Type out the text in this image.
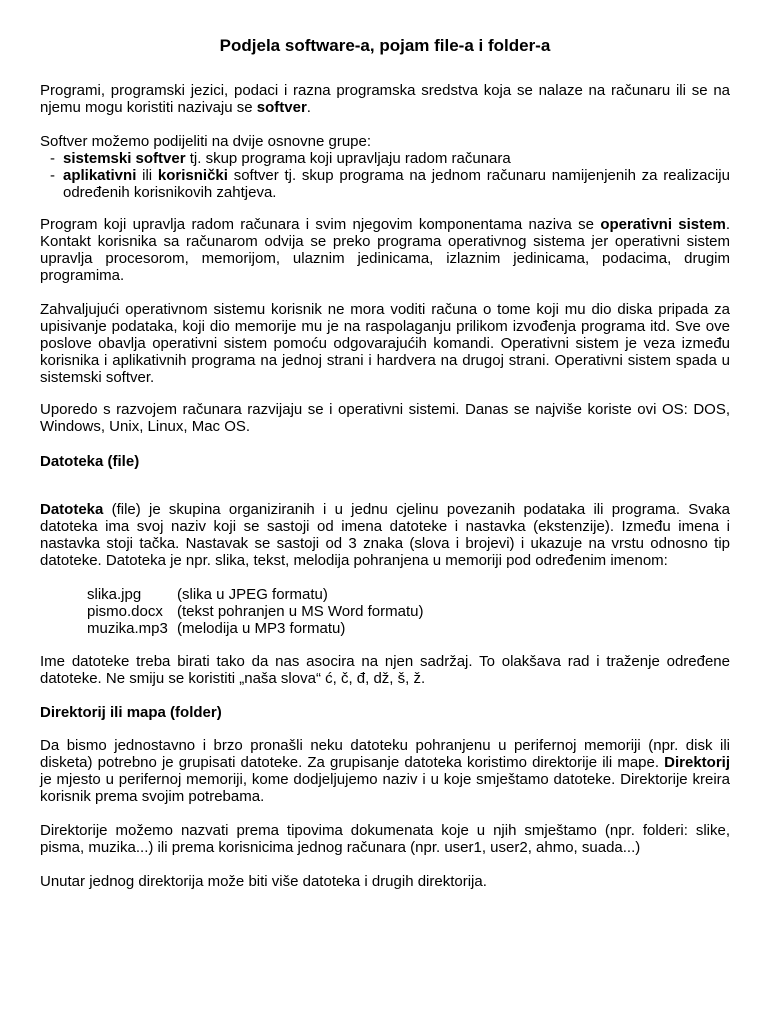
Podjela software-a, pojam file-a i folder-a

Programi, programski jezici, podaci i razna programska sredstva koja se nalaze na računaru ili se na njemu mogu koristiti nazivaju se softver.

Softver možemo podijeliti na dvije osnovne grupe:

- sistemski softver tj. skup programa koji upravljaju radom računara
- aplikativni ili korisnički softver tj. skup programa na jednom računaru namijenjenih za realizaciju određenih korisnikovih zahtjeva.

Program koji upravlja radom računara i svim njegovim komponentama naziva se operativni sistem. Kontakt korisnika sa računarom odvija se preko programa operativnog sistema jer operativni sistem upravlja procesorom, memorijom, ulaznim jedinicama, izlaznim jedinicama, podacima, drugim programima.

Zahvaljujući operativnom sistemu korisnik ne mora voditi računa o tome koji mu dio diska pripada za upisivanje podataka, koji dio memorije mu je na raspolaganju prilikom izvođenja programa itd. Sve ove poslove obavlja operativni sistem pomoću odgovarajućih komandi. Operativni sistem je veza između korisnika i aplikativnih programa na jednoj strani i hardvera na drugoj strani. Operativni sistem spada u sistemski softver.

Uporedo s razvojem računara razvijaju se i operativni sistemi. Danas se najviše koriste ovi OS: DOS, Windows, Unix, Linux, Mac OS.

Datoteka (file)

Datoteka (file) je skupina organiziranih i u jednu cjelinu povezanih podataka ili programa. Svaka datoteka ima svoj naziv koji se sastoji od imena datoteke i nastavka (ekstenzije). Između imena i nastavka stoji tačka. Nastavak se sastoji od 3 znaka (slova i brojevi) i ukazuje na vrstu odnosno tip datoteke. Datoteka je npr. slika, tekst, melodija pohranjena u memoriji pod određenim imenom:

slika.jpg	(slika u JPEG formatu)
pismo.docx (tekst pohranjen u MS Word formatu)
muzika.mp3 (melodija u MP3 formatu)

Ime datoteke treba birati tako da nas asocira na njen sadržaj. To olakšava rad i traženje određene datoteke. Ne smiju se koristiti „naša slova“ ć, č, đ, dž, š, ž.

Direktorij ili mapa (folder)

Da bismo jednostavno i brzo pronašli neku datoteku pohranjenu u perifernoj memoriji (npr. disk ili disketa) potrebno je grupisati datoteke. Za grupisanje datoteka koristimo direktorije ili mape. Direktorij je mjesto u perifernoj memoriji, kome dodjeljujemo naziv i u koje smještamo datoteke. Direktorije kreira korisnik prema svojim potrebama.

Direktorije možemo nazvati prema tipovima dokumenata koje u njih smještamo (npr. folderi: slike, pisma, muzika...) ili prema korisnicima jednog računara (npr. user1, user2, ahmo, suada...)

Unutar jednog direktorija može biti više datoteka i drugih direktorija.
